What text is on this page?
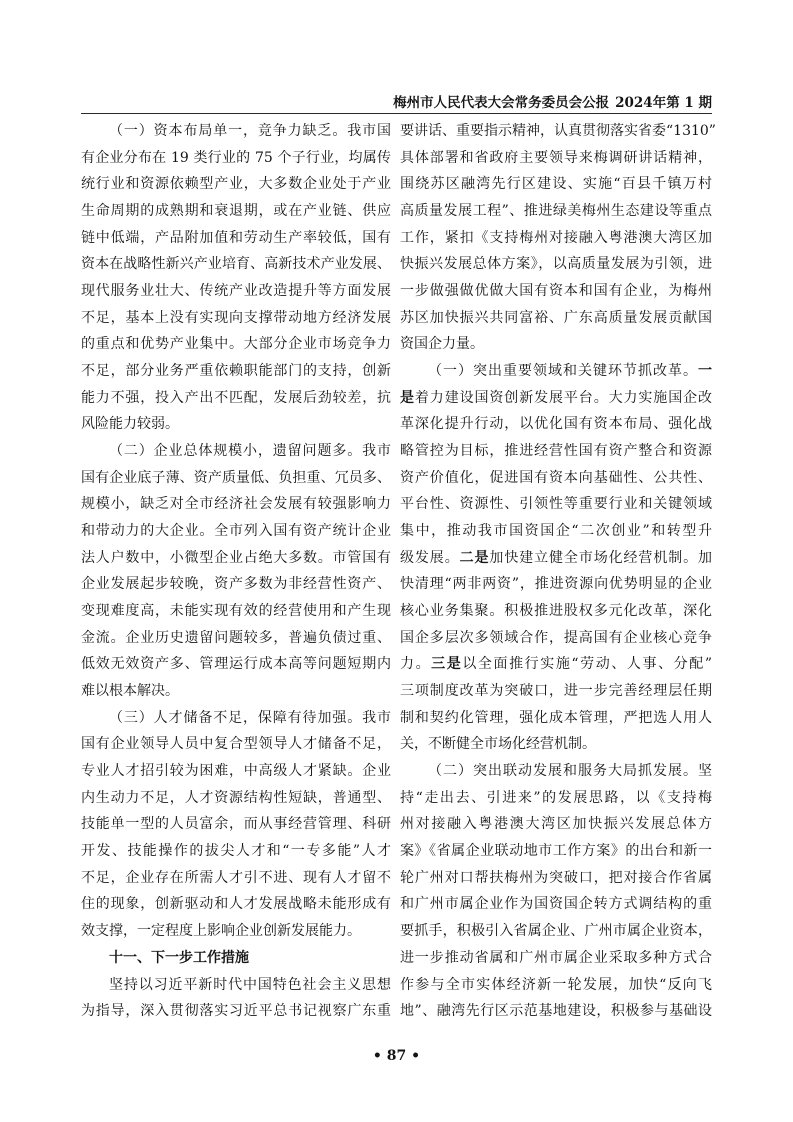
梅州市人民代表大会常务委员会公报 2024年第 1 期
（一）资本布局单一，竞争力缺乏。我市国
有企业分布在 19 类行业的 75 个子行业，均属传
统行业和资源依赖型产业，大多数企业处于产业
生命周期的成熟期和衰退期，或在产业链、供应
链中低端，产品附加值和劳动生产率较低，国有
资本在战略性新兴产业培育、高新技术产业发展、
现代服务业壮大、传统产业改造提升等方面发展
不足，基本上没有实现向支撑带动地方经济发展
的重点和优势产业集中。大部分企业市场竞争力
不足，部分业务严重依赖职能部门的支持，创新
能力不强，投入产出不匹配，发展后劲较差，抗
风险能力较弱。
（二）企业总体规模小，遗留问题多。我市
国有企业底子薄、资产质量低、负担重、冗员多、
规模小，缺乏对全市经济社会发展有较强影响力
和带动力的大企业。全市列入国有资产统计企业
法人户数中，小微型企业占绝大多数。市管国有
企业发展起步较晚，资产多数为非经营性资产、
变现难度高，未能实现有效的经营使用和产生现
金流。企业历史遗留问题较多，普遍负债过重、
低效无效资产多、管理运行成本高等问题短期内
难以根本解决。
（三）人才储备不足，保障有待加强。我市
国有企业领导人员中复合型领导人才储备不足，
专业人才招引较为困难，中高级人才紧缺。企业
内生动力不足，人才资源结构性短缺，普通型、
技能单一型的人员富余，而从事经营管理、科研
开发、技能操作的拔尖人才和“一专多能”人才
不足，企业存在所需人才引不进、现有人才留不
住的现象，创新驱动和人才发展战略未能形成有
效支撑，一定程度上影响企业创新发展能力。
十一、下一步工作措施
坚持以习近平新时代中国特色社会主义思想
为指导，深入贯彻落实习近平总书记视察广东重
要讲话、重要指示精神，认真贯彻落实省委“1310”
具体部署和省政府主要领导来梅调研讲话精神，
围绕苏区融湾先行区建设、实施“百县千镇万村
高质量发展工程”、推进绿美梅州生态建设等重点
工作，紧扣《支持梅州对接融入粤港澳大湾区加
快振兴发展总体方案》，以高质量发展为引领，进
一步做强做优做大国有资本和国有企业，为梅州
苏区加快振兴共同富裕、广东高质量发展贡献国
资国企力量。
（一）突出重要领域和关键环节抓改革。一
是着力建设国资创新发展平台。大力实施国企改
革深化提升行动，以优化国有资本布局、强化战
略管控为目标，推进经营性国有资产整合和资源
资产价值化，促进国有资本向基础性、公共性、
平台性、资源性、引领性等重要行业和关键领域
集中，推动我市国资国企“二次创业”和转型升
级发展。二是加快建立健全市场化经营机制。加
快清理“两非两资”，推进资源向优势明显的企业
核心业务集聚。积极推进股权多元化改革，深化
国企多层次多领域合作，提高国有企业核心竞争
力。三是以全面推行实施“劳动、人事、分配”
三项制度改革为突破口，进一步完善经理层任期
制和契约化管理，强化成本管理，严把选人用人
关，不断健全市场化经营机制。
（二）突出联动发展和服务大局抓发展。坚
持“走出去、引进来”的发展思路，以《支持梅
州对接融入粤港澳大湾区加快振兴发展总体方
案》《省属企业联动地市工作方案》的出台和新一
轮广州对口帮扶梅州为突破口，把对接合作省属
和广州市属企业作为国资国企转方式调结构的重
要抓手，积极引入省属企业、广州市属企业资本，
进一步推动省属和广州市属企业采取多种方式合
作参与全市实体经济新一轮发展，加快“反向飞
地”、融湾先行区示范基地建设，积极参与基础设
• 87 •
